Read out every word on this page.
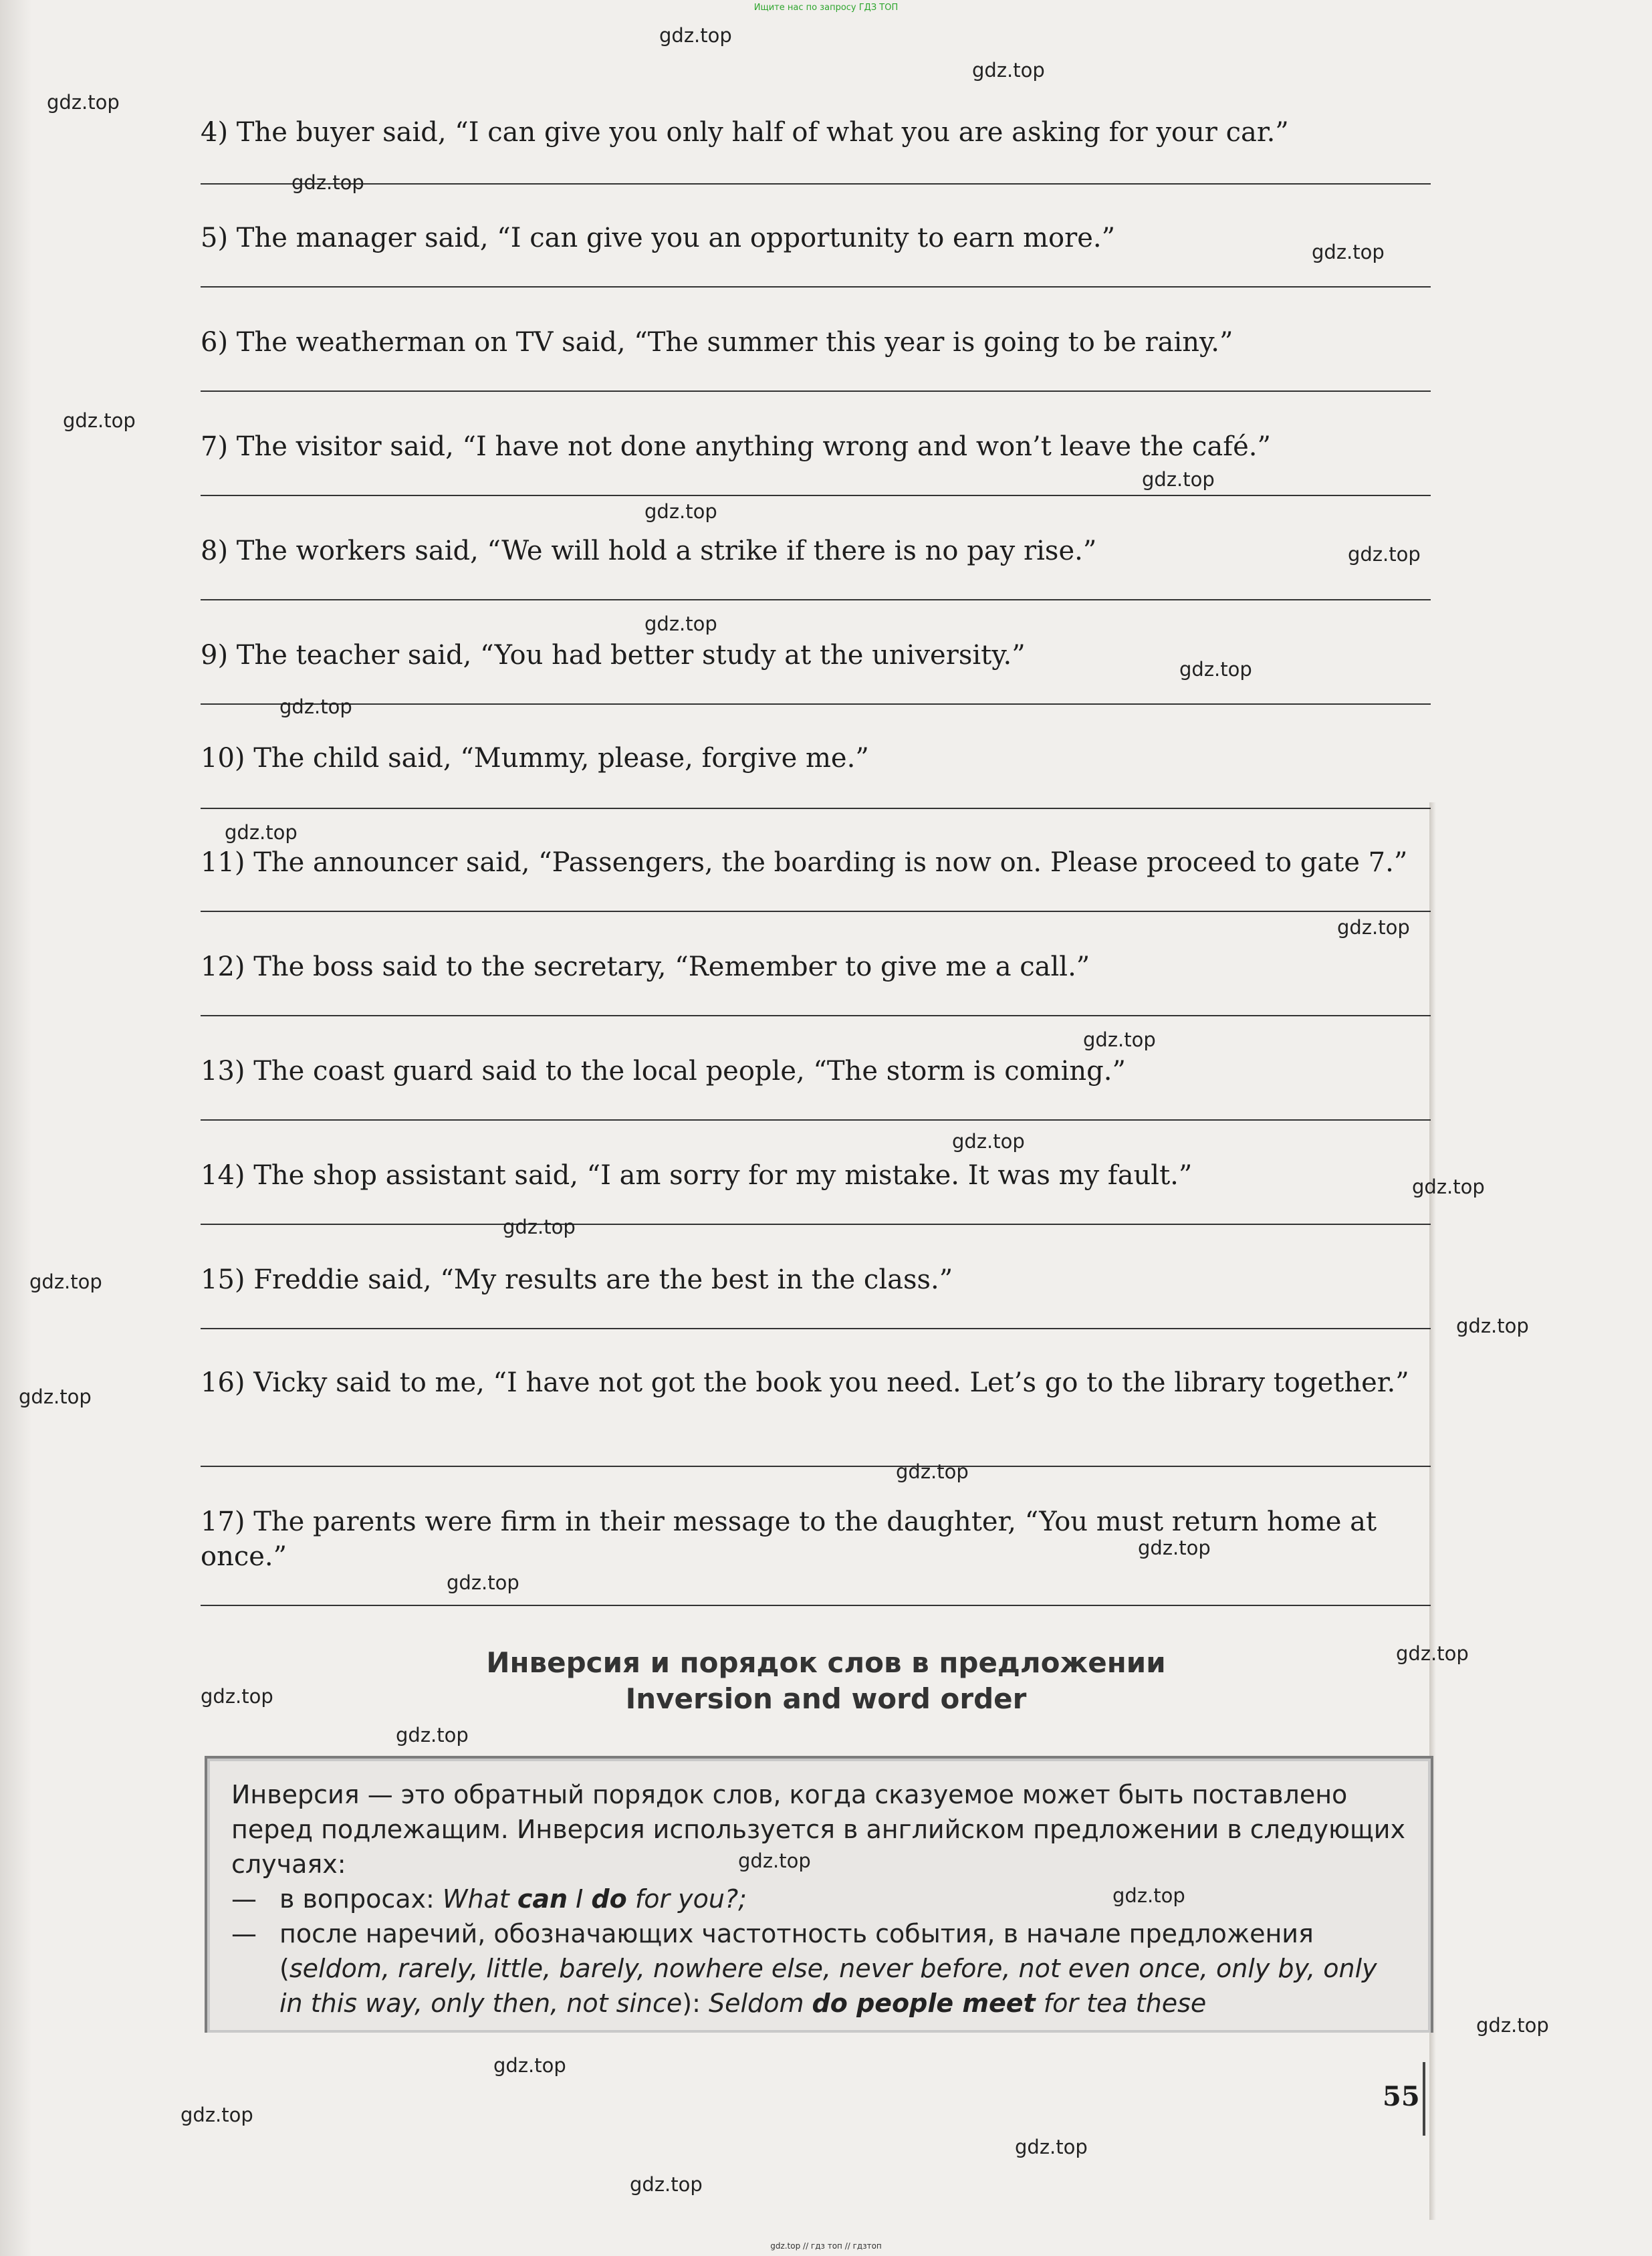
Ищите нас по запросу ГДЗ ТОП
4) The buyer said, “I can give you only half of what you are asking for your car.”
5) The manager said, “I can give you an opportunity to earn more.”
6) The weatherman on TV said, “The summer this year is going to be rainy.”
7) The visitor said, “I have not done anything wrong and won’t leave the café.”
8) The workers said, “We will hold a strike if there is no pay rise.”
9) The teacher said, “You had better study at the university.”
10) The child said, “Mummy, please, forgive me.”
11) The announcer said, “Passengers, the boarding is now on. Please proceed to gate 7.”
12) The boss said to the secretary, “Remember to give me a call.”
13) The coast guard said to the local people, “The storm is coming.”
14) The shop assistant said, “I am sorry for my mistake. It was my fault.”
15) Freddie said, “My results are the best in the class.”
16) Vicky said to me, “I have not got the book you need. Let’s go to the library together.”
17) The parents were firm in their message to the daughter, “You must return home at once.”
Инверсия и порядок слов в предложении
Inversion and word order

Инверсия — это обратный порядок слов, когда сказуемое может быть поставлено перед подлежащим. Инверсия используется в английском предложении в следующих случаях:

— в вопросах: What can I do for you?;
— после наречий, обозначающих частотность события, в начале предложения (seldom, rarely, little, barely, nowhere else, never before, not even once, only by, only in this way, only then, not since): Seldom do people meet for tea these
55
gdz.top
gdz.top
gdz.top
gdz.top
gdz.top
gdz.top
gdz.top
gdz.top
gdz.top
gdz.top
gdz.top
gdz.top
gdz.top
gdz.top
gdz.top
gdz.top
gdz.top
gdz.top
gdz.top
gdz.top
gdz.top
gdz.top
gdz.top
gdz.top
gdz.top
gdz.top
gdz.top
gdz.top
gdz.top
gdz.top
gdz.top
gdz.top
gdz.top
gdz.top
gdz.top // гдз топ // гдзтоп
